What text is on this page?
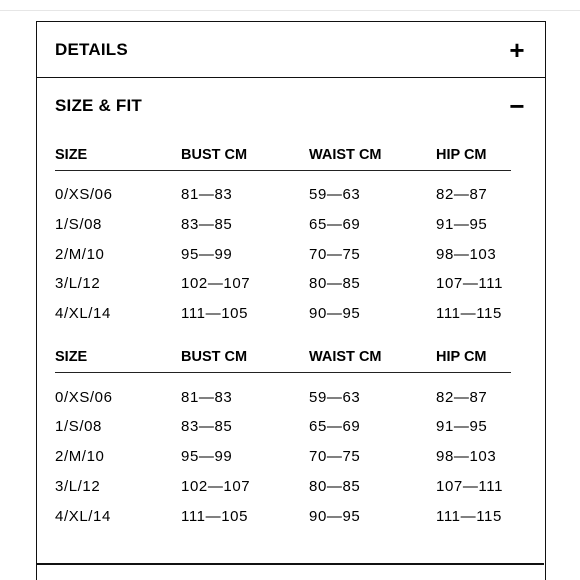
DETAILS	+
SIZE & FIT	−
SIZE	BUST CM	WAIST CM	HIP CM

0/XS/06	81—83	59—63	82—87
1/S/08	83—85	65—69	91—95
2/M/10	95—99	70—75	98—103
3/L/12	102—107	80—85	107—111
4/XL/14	111—105	90—95	111—115
SIZE	BUST CM	WAIST CM	HIP CM

0/XS/06	81—83	59—63	82—87
1/S/08	83—85	65—69	91—95
2/M/10	95—99	70—75	98—103
3/L/12	102—107	80—85	107—111
4/XL/14	111—105	90—95	111—115
